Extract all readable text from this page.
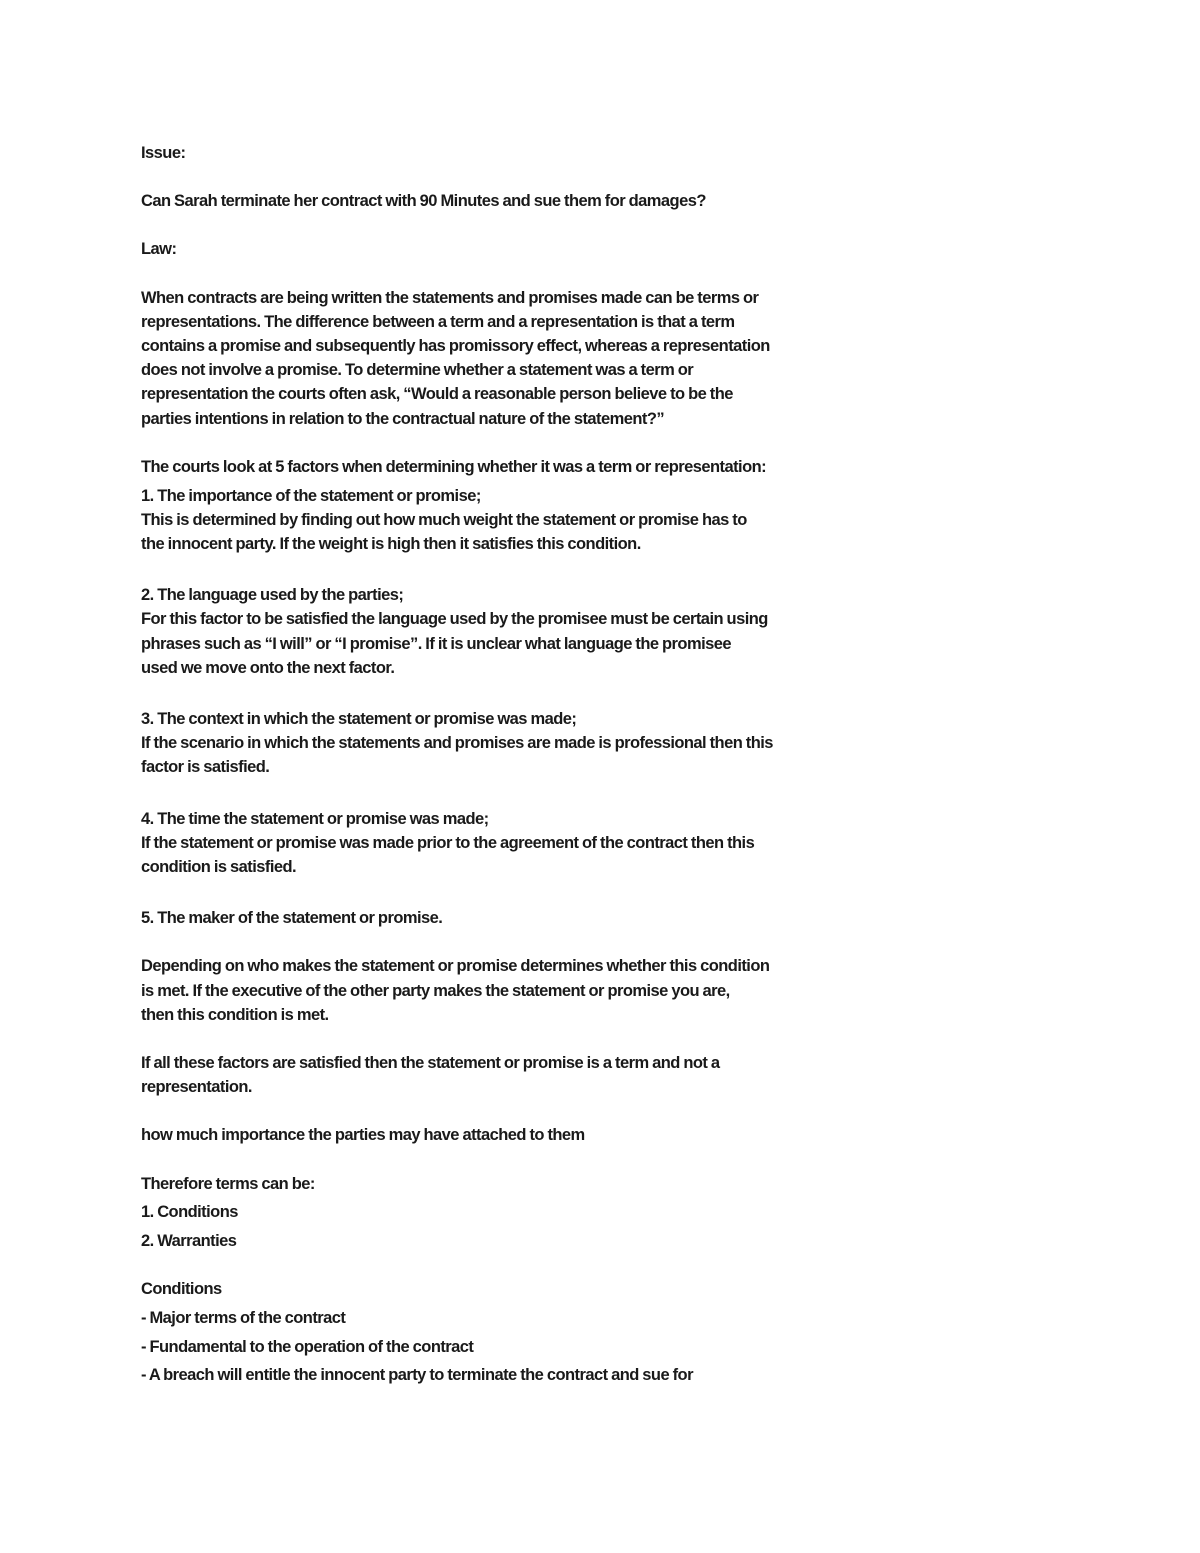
Issue:

Can Sarah terminate her contract with 90 Minutes and sue them for damages?

Law:

When contracts are being written the statements and promises made can be terms or

representations. The difference between a term and a representation is that a term

contains a promise and subsequently has promissory effect, whereas a representation

does not involve a promise. To determine whether a statement was a term or

representation the courts often ask, “Would a reasonable person believe to be the

parties intentions in relation to the contractual nature of the statement?”

The courts look at 5 factors when determining whether it was a term or representation:

1. The importance of the statement or promise;

This is determined by finding out how much weight the statement or promise has to

the innocent party. If the weight is high then it satisfies this condition.

2. The language used by the parties;

For this factor to be satisfied the language used by the promisee must be certain using

phrases such as “I will” or “I promise”. If it is unclear what language the promisee

used we move onto the next factor.

3. The context in which the statement or promise was made;

If the scenario in which the statements and promises are made is professional then this

factor is satisfied.

4. The time the statement or promise was made;

If the statement or promise was made prior to the agreement of the contract then this

condition is satisfied.

5. The maker of the statement or promise.

Depending on who makes the statement or promise determines whether this condition

is met. If the executive of the other party makes the statement or promise you are,

then this condition is met.

If all these factors are satisfied then the statement or promise is a term and not a

representation.

how much importance the parties may have attached to them

Therefore terms can be:

1. Conditions

2. Warranties

Conditions

- Major terms of the contract

- Fundamental to the operation of the contract

- A breach will entitle the innocent party to terminate the contract and sue for
